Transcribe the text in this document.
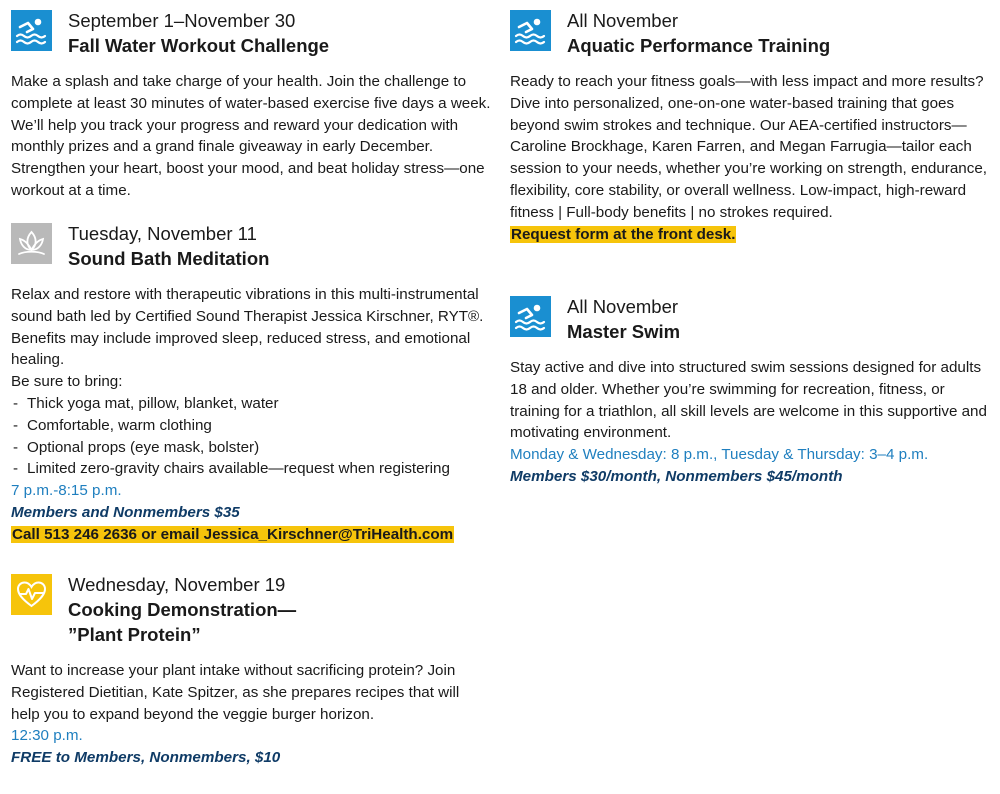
September 1–November 30
Fall Water Workout Challenge

Make a splash and take charge of your health. Join the challenge to complete at least 30 minutes of water-based exercise five days a week. We’ll help you track your progress and reward your dedication with monthly prizes and a grand finale giveaway in early December. Strengthen your heart, boost your mood, and beat holiday stress—one workout at a time.

Tuesday, November 11
Sound Bath Meditation

Relax and restore with therapeutic vibrations in this multi-instrumental sound bath led by Certified Sound Therapist Jessica Kirschner, RYT®. Benefits may include improved sleep, reduced stress, and emotional healing.

Be sure to bring:

- Thick yoga mat, pillow, blanket, water
- Comfortable, warm clothing
- Optional props (eye mask, bolster)
- Limited zero-gravity chairs available—request when registering

7 p.m.-8:15 p.m.

Members and Nonmembers $35

Call 513 246 2636 or email Jessica_Kirschner@TriHealth.com

Wednesday, November 19
Cooking Demonstration—
”Plant Protein”

Want to increase your plant intake without sacrificing protein? Join Registered Dietitian, Kate Spitzer, as she prepares recipes that will help you to expand beyond the veggie burger horizon.

12:30 p.m.

FREE to Members, Nonmembers, $10

All November
Aquatic Performance Training

Ready to reach your fitness goals—with less impact and more results? Dive into personalized, one-on-one water-based training that goes beyond swim strokes and technique. Our AEA-certified instructors—Caroline Brockhage, Karen Farren, and Megan Farrugia—tailor each session to your needs, whether you’re working on strength, endurance, flexibility, core stability, or overall wellness. Low-impact, high-reward fitness | Full-body benefits | no strokes required.

Request form at the front desk.

All November
Master Swim

Stay active and dive into structured swim sessions designed for adults 18 and older. Whether you’re swimming for recreation, fitness, or training for a triathlon, all skill levels are welcome in this supportive and motivating environment.

Monday & Wednesday: 8 p.m., Tuesday & Thursday: 3–4 p.m.

Members $30/month, Nonmembers $45/month
